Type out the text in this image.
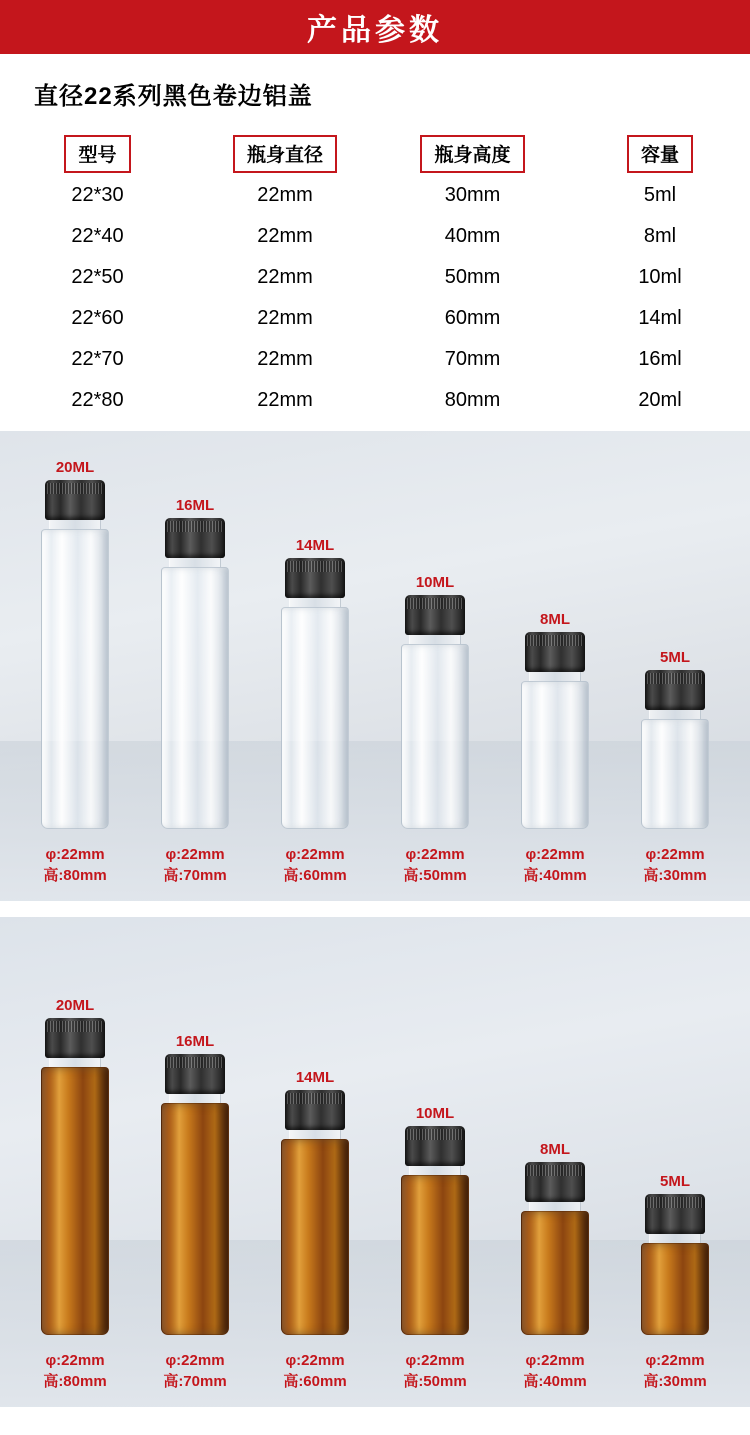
产品参数
直径22系列黑色卷边铝盖
型号	瓶身直径	瓶身高度	容量
22*30	22mm	30mm	5ml
22*40	22mm	40mm	8ml
22*50	22mm	50mm	10ml
22*60	22mm	60mm	14ml
22*70	22mm	70mm	16ml
22*80	22mm	80mm	20ml
20ML
16ML
14ML
10ML
8ML
5ML
φ:22mm
高:80mm
φ:22mm
高:70mm
φ:22mm
高:60mm
φ:22mm
高:50mm
φ:22mm
高:40mm
φ:22mm
高:30mm
20ML
16ML
14ML
10ML
8ML
5ML
φ:22mm
高:80mm
φ:22mm
高:70mm
φ:22mm
高:60mm
φ:22mm
高:50mm
φ:22mm
高:40mm
φ:22mm
高:30mm
